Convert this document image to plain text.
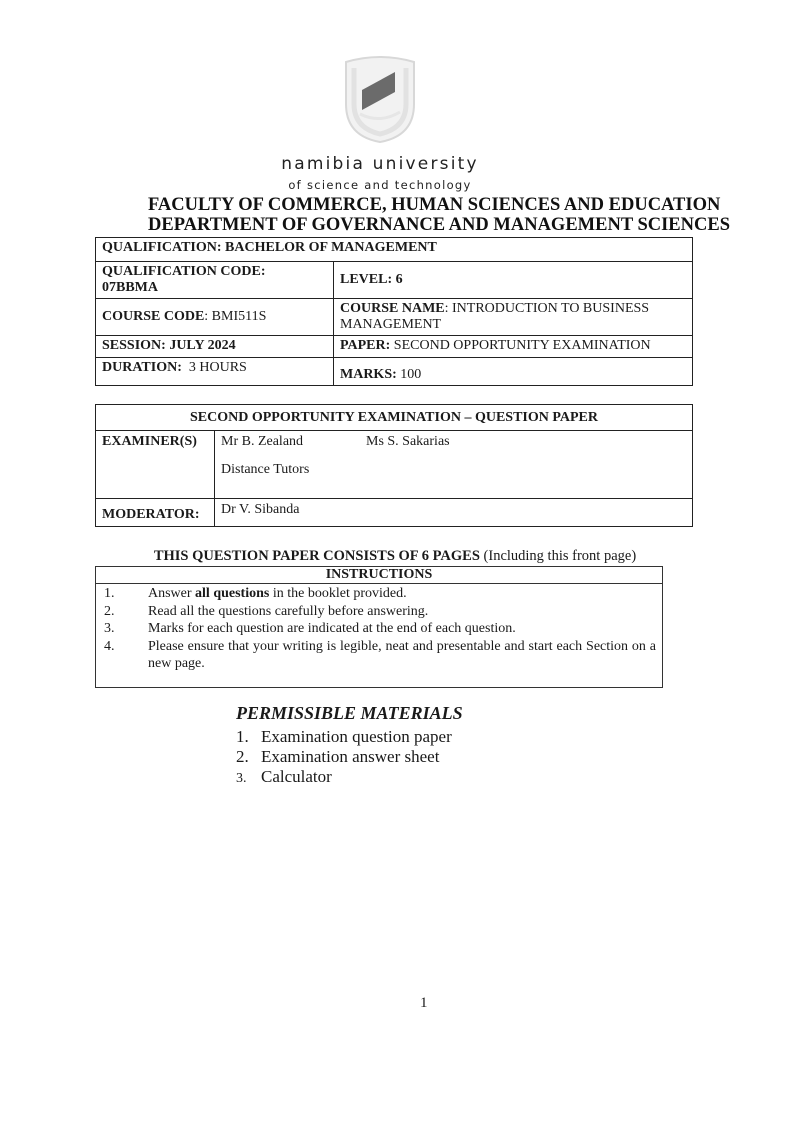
namibia university
of science and technology
FACULTY OF COMMERCE, HUMAN SCIENCES AND EDUCATION
DEPARTMENT OF GOVERNANCE AND MANAGEMENT SCIENCES
QUALIFICATION: BACHELOR OF MANAGEMENT	

QUALIFICATION CODE:
07BBMA	LEVEL: 6
COURSE CODE: BMI511S	COURSE NAME: INTRODUCTION TO BUSINESS MANAGEMENT
SESSION: JULY 2024	PAPER: SECOND OPPORTUNITY EXAMINATION
DURATION: 3 HOURS	MARKS: 100
SECOND OPPORTUNITY EXAMINATION – QUESTION PAPER	
EXAMINER(S)	Mr B. Zealand Ms S. Sakarias
Distance Tutors

MODERATOR:	Dr V. Sibanda
THIS QUESTION PAPER CONSISTS OF 6 PAGES (Including this front page)
INSTRUCTIONS
1. Answer all questions in the booklet provided.
2. Read all the questions carefully before answering.
3. Marks for each question are indicated at the end of each question.
4. Please ensure that your writing is legible, neat and presentable and start each Section on a new page.
PERMISSIBLE MATERIALS
1. Examination question paper
2. Examination answer sheet
3. Calculator
1
